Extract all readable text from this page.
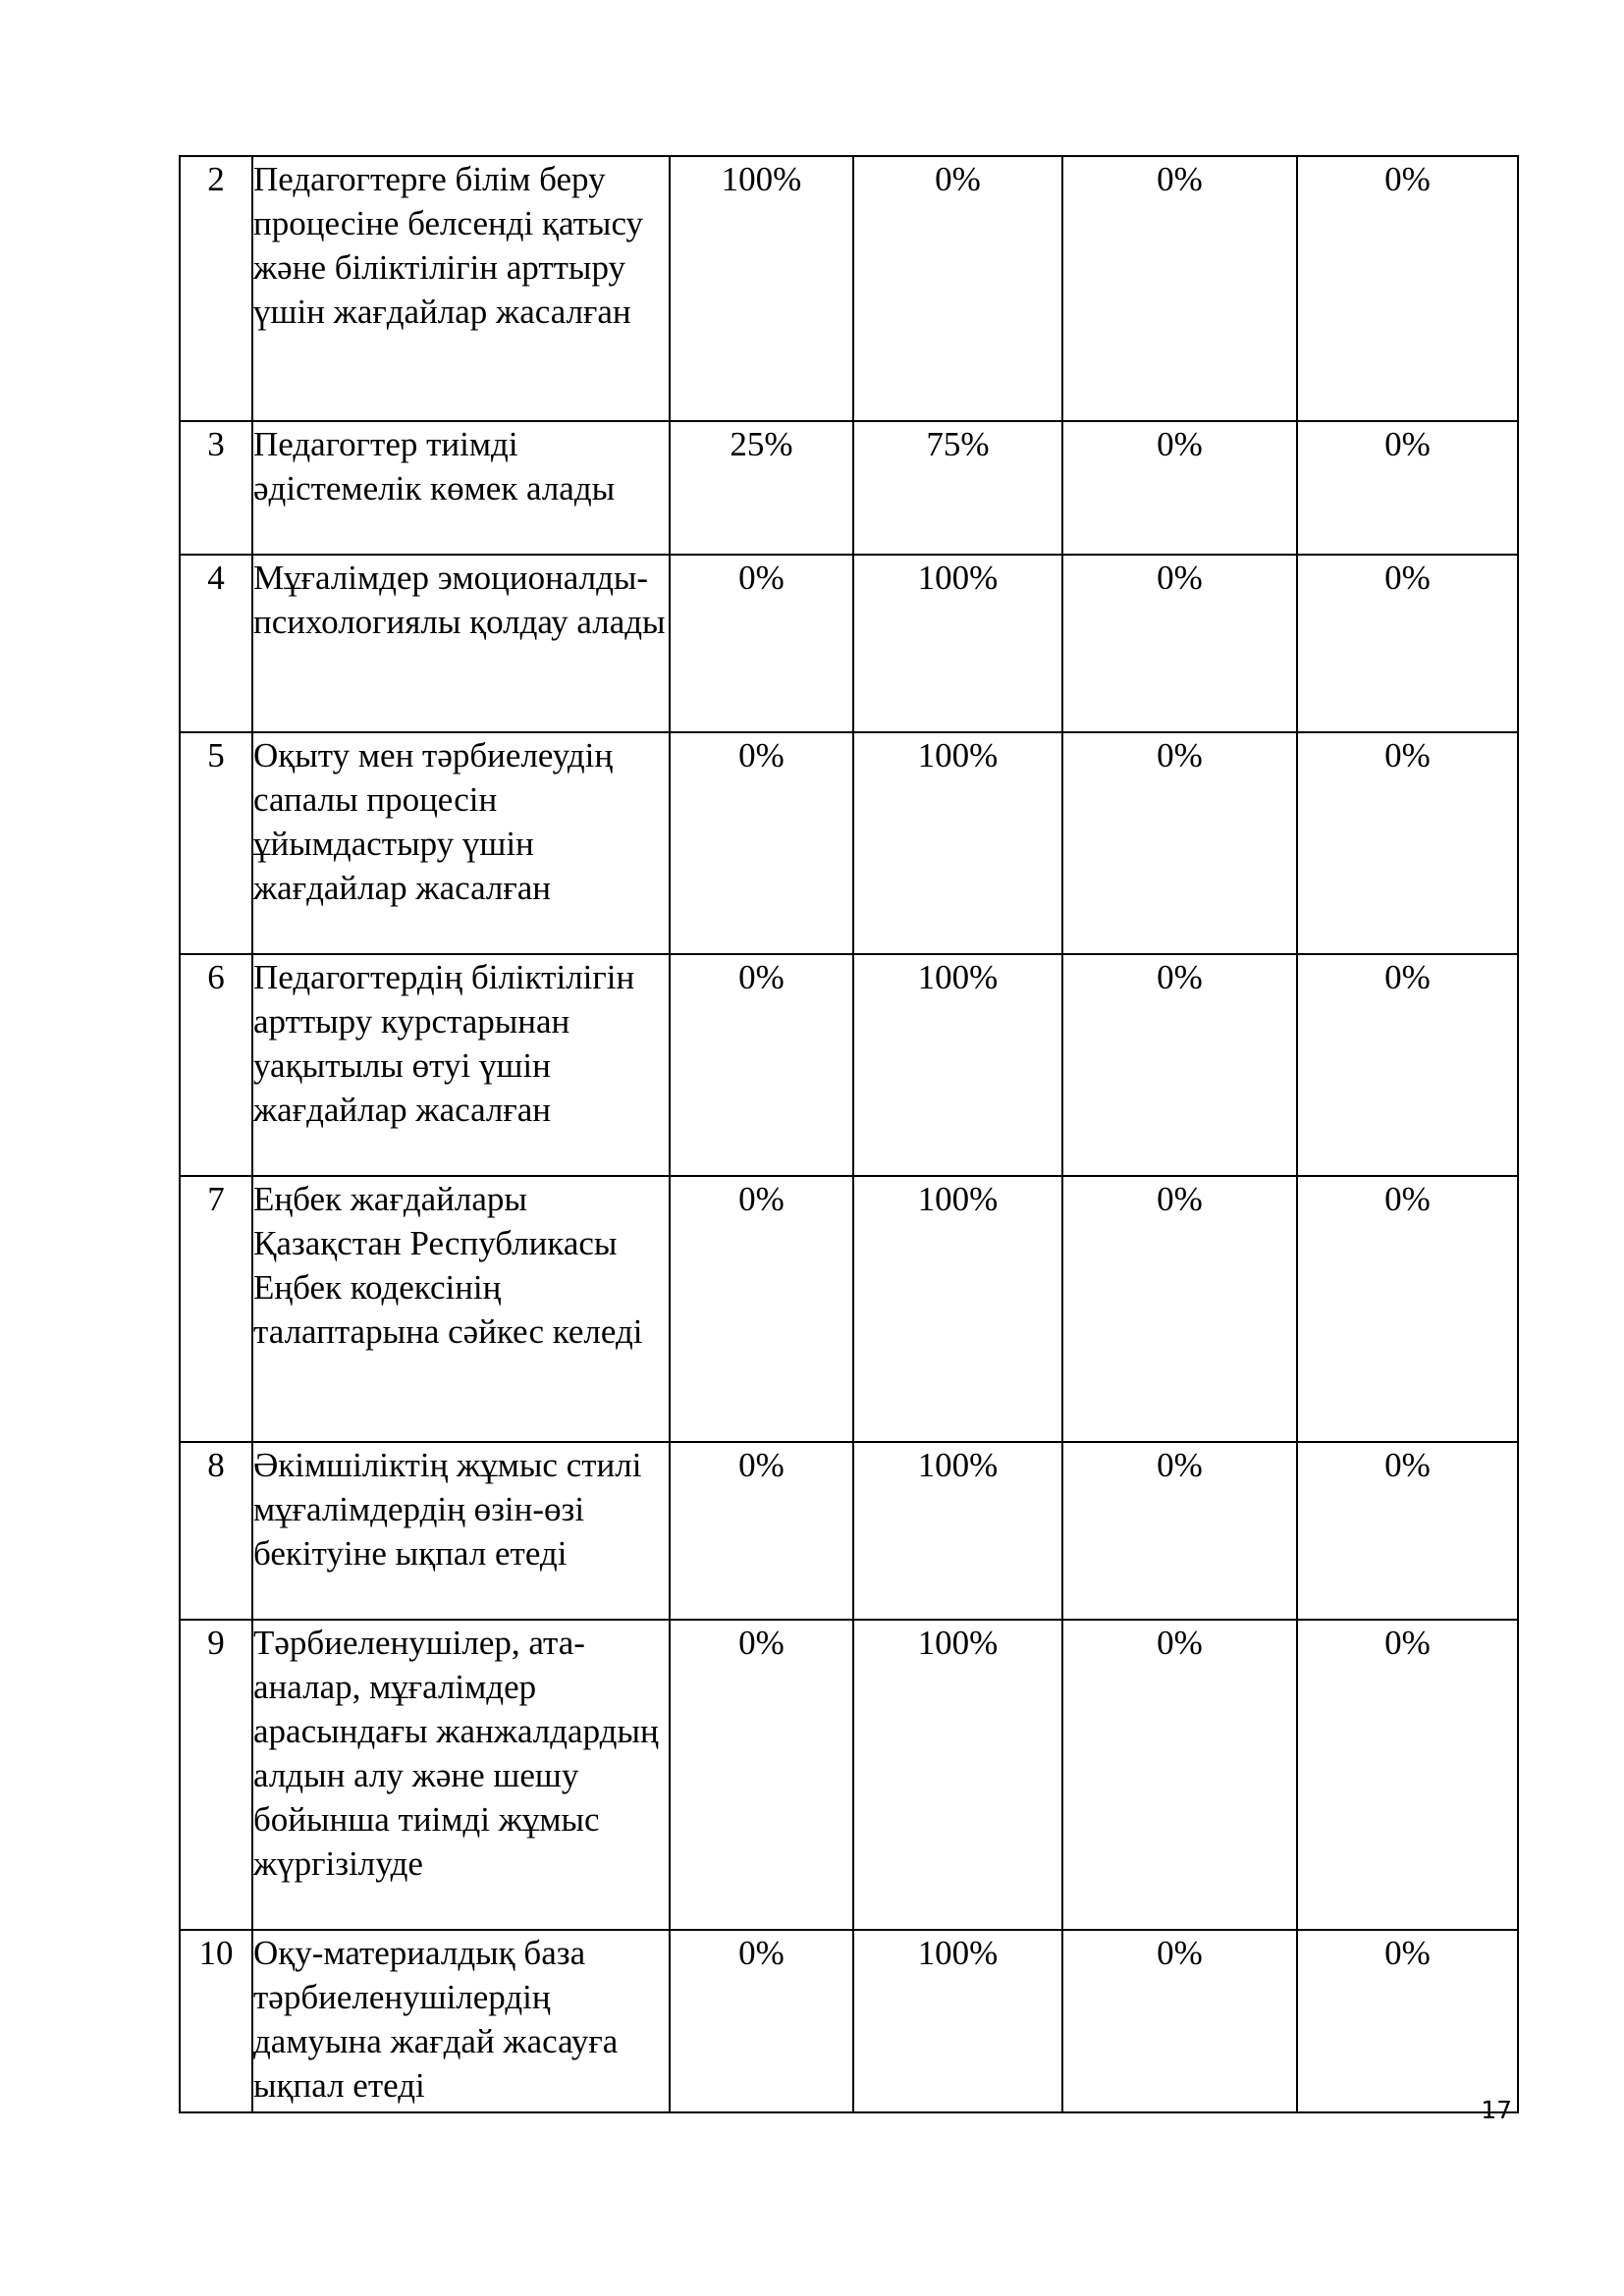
2	Педагогтерге білім беру процесіне белсенді қатысу және біліктілігін арттыру үшін жағдайлар жасалған	100%	0%	0%	0%
3	Педагогтер тиімді әдістемелік көмек алады	25%	75%	0%	0%
4	Мұғалімдер эмоционалды-психологиялы қолдау алады	0%	100%	0%	0%
5	Оқыту мен тәрбиелеудің сапалы процесін ұйымдастыру үшін жағдайлар жасалған	0%	100%	0%	0%
6	Педагогтердің біліктілігін арттыру курстарынан уақытылы өтуі үшін жағдайлар жасалған	0%	100%	0%	0%
7	Еңбек жағдайлары Қазақстан Республикасы Еңбек кодексінің талаптарына сәйкес келеді	0%	100%	0%	0%
8	Әкімшіліктің жұмыс стилі мұғалімдердің өзін-өзі бекітуіне ықпал етеді	0%	100%	0%	0%
9	Тәрбиеленушілер, ата-аналар, мұғалімдер арасындағы жанжалдардың алдын алу және шешу бойынша тиімді жұмыс жүргізілуде	0%	100%	0%	0%
10	Оқу-материалдық база тәрбиеленушілердің дамуына жағдай жасауға ықпал етеді	0%	100%	0%	0%
17
